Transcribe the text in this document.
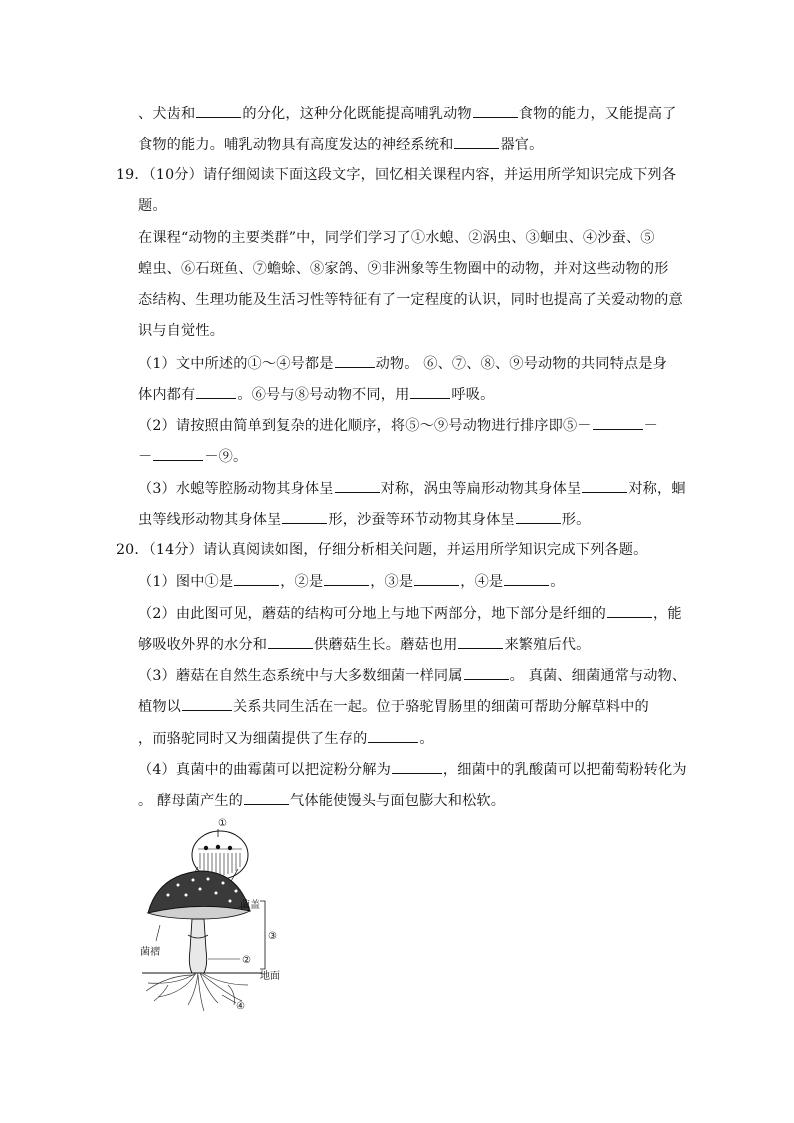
、犬齿和	的分化，这种分化既能提高哺乳动物	食物的能力，又能提高了
食物的能力。哺乳动物具有高度发达的神经系统和	器官。
19．（10分）请仔细阅读下面这段文字，回忆相关课程内容，并运用所学知识完成下列各
题。
在课程“动物的主要类群”中，同学们学习了①水螅、②涡虫、③蛔虫、④沙蚕、⑤
蝗虫、⑥石斑鱼、⑦蟾蜍、⑧家鸽、⑨非洲象等生物圈中的动物，并对这些动物的形
态结构、生理功能及生活习性等特征有了一定程度的认识，同时也提高了关爱动物的意
识与自觉性。
（1）文中所述的①～④号都是	动物。 ⑥、⑦、⑧、⑨号动物的共同特点是身
体内都有	。⑥号与⑧号动物不同，用	呼吸。
（2）请按照由简单到复杂的进化顺序，将⑤～⑨号动物进行排序即⑤－	－
－	－⑨。
（3）水螅等腔肠动物其身体呈	对称，涡虫等扁形动物其身体呈	对称，蛔
虫等线形动物其身体呈	形，沙蚕等环节动物其身体呈	形。
20．（14分）请认真阅读如图，仔细分析相关问题，并运用所学知识完成下列各题。
（1）图中①是	，②是	，③是	，④是	。
（2）由此图可见，蘑菇的结构可分地上与地下两部分，地下部分是纤细的	，能
够吸收外界的水分和	供蘑菇生长。蘑菇也用	来繁殖后代。
（3）蘑菇在自然生态系统中与大多数细菌一样同属	。 真菌、细菌通常与动物、
植物以	关系共同生活在一起。位于骆驼胃肠里的细菌可帮助分解草料中的
，而骆驼同时又为细菌提供了生存的	。
（4）真菌中的曲霉菌可以把淀粉分解为	，细菌中的乳酸菌可以把葡萄粉转化为
。 酵母菌产生的	气体能使馒头与面包膨大和松软。
①
③
菌盖
菌褶
②
地面
④
